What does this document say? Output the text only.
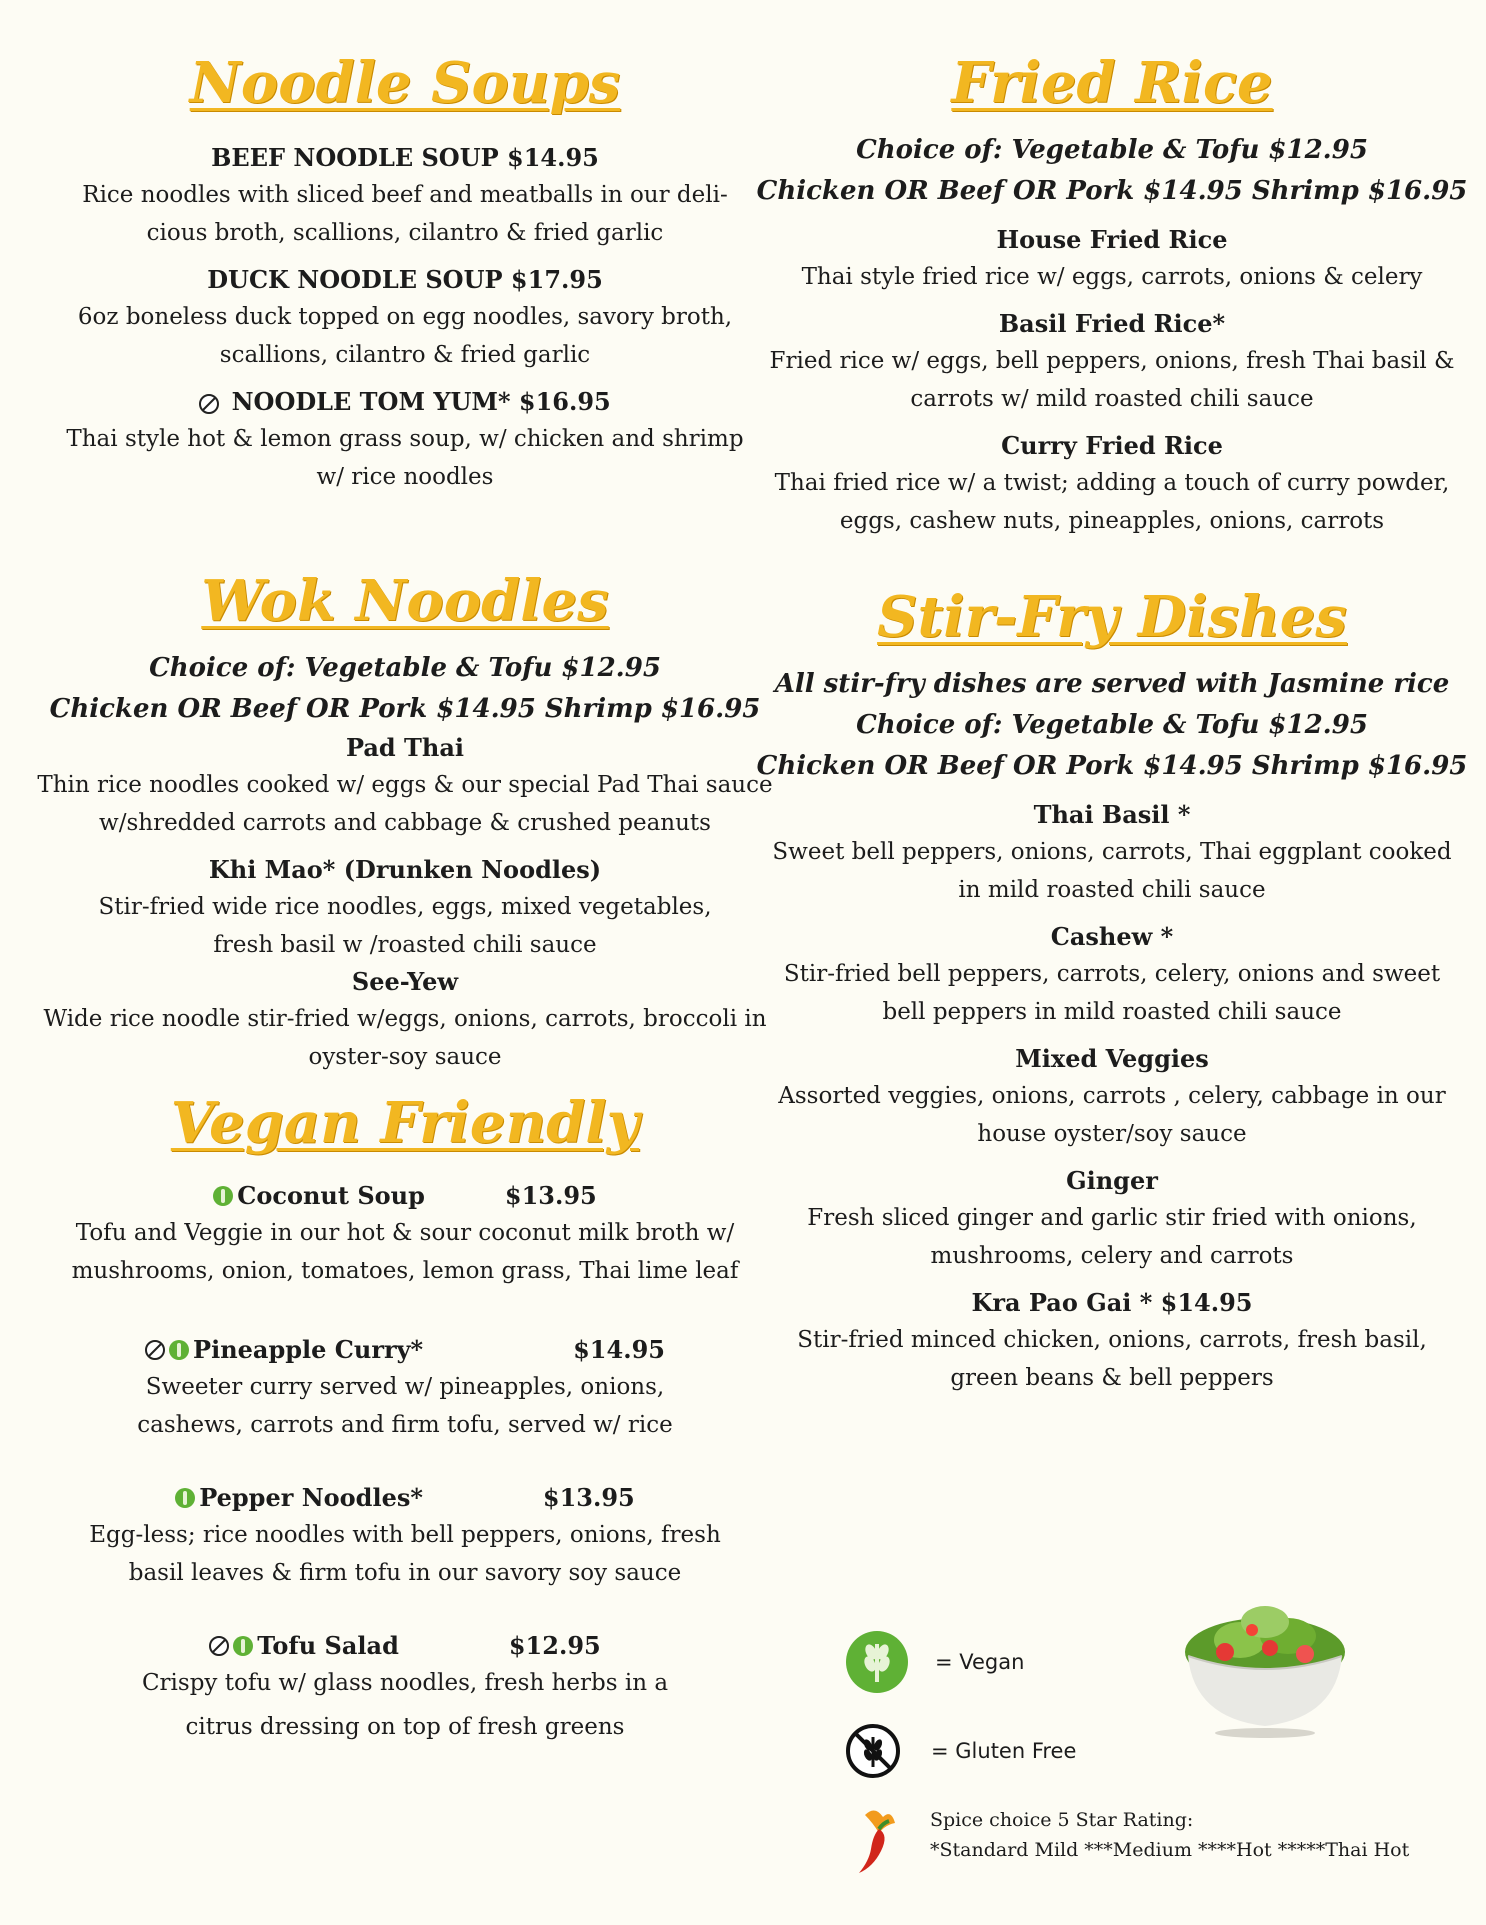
Noodle Soups
BEEF NOODLE SOUP $14.95
Rice noodles with sliced beef and meatballs in our deli-
cious broth, scallions, cilantro & fried garlic
DUCK NOODLE SOUP $17.95
6oz boneless duck topped on egg noodles, savory broth,
scallions, cilantro & fried garlic
NOODLE TOM YUM* $16.95
Thai style hot & lemon grass soup, w/ chicken and shrimp
w/ rice noodles
Wok Noodles
Choice of: Vegetable & Tofu $12.95
Chicken OR Beef OR Pork $14.95 Shrimp $16.95
Pad Thai
Thin rice noodles cooked w/ eggs & our special Pad Thai sauce
w/shredded carrots and cabbage & crushed peanuts
Khi Mao* (Drunken Noodles)
Stir-fried wide rice noodles, eggs, mixed vegetables,
fresh basil w /roasted chili sauce
See-Yew
Wide rice noodle stir-fried w/eggs, onions, carrots, broccoli in
oyster-soy sauce
Vegan Friendly
Coconut Soup	$13.95
Tofu and Veggie in our hot & sour coconut milk broth w/
mushrooms, onion, tomatoes, lemon grass, Thai lime leaf
Pineapple Curry*	$14.95
Sweeter curry served w/ pineapples, onions,
cashews, carrots and firm tofu, served w/ rice
Pepper Noodles*	$13.95
Egg-less; rice noodles with bell peppers, onions, fresh
basil leaves & firm tofu in our savory soy sauce
Tofu Salad	$12.95
Crispy tofu w/ glass noodles, fresh herbs in a
citrus dressing on top of fresh greens
Fried Rice
Choice of: Vegetable & Tofu $12.95
Chicken OR Beef OR Pork $14.95 Shrimp $16.95
House Fried Rice
Thai style fried rice w/ eggs, carrots, onions & celery
Basil Fried Rice*
Fried rice w/ eggs, bell peppers, onions, fresh Thai basil &
carrots w/ mild roasted chili sauce
Curry Fried Rice
Thai fried rice w/ a twist; adding a touch of curry powder,
eggs, cashew nuts, pineapples, onions, carrots
Stir-Fry Dishes
All stir-fry dishes are served with Jasmine rice
Choice of: Vegetable & Tofu $12.95
Chicken OR Beef OR Pork $14.95 Shrimp $16.95
Thai Basil *
Sweet bell peppers, onions, carrots, Thai eggplant cooked
in mild roasted chili sauce
Cashew *
Stir-fried bell peppers, carrots, celery, onions and sweet
bell peppers in mild roasted chili sauce
Mixed Veggies
Assorted veggies, onions, carrots , celery, cabbage in our
house oyster/soy sauce
Ginger
Fresh sliced ginger and garlic stir fried with onions,
mushrooms, celery and carrots
Kra Pao Gai * $14.95
Stir-fried minced chicken, onions, carrots, fresh basil,
green beans & bell peppers
= Vegan
= Gluten Free
Spice choice 5 Star Rating:
*Standard Mild ***Medium ****Hot *****Thai Hot
